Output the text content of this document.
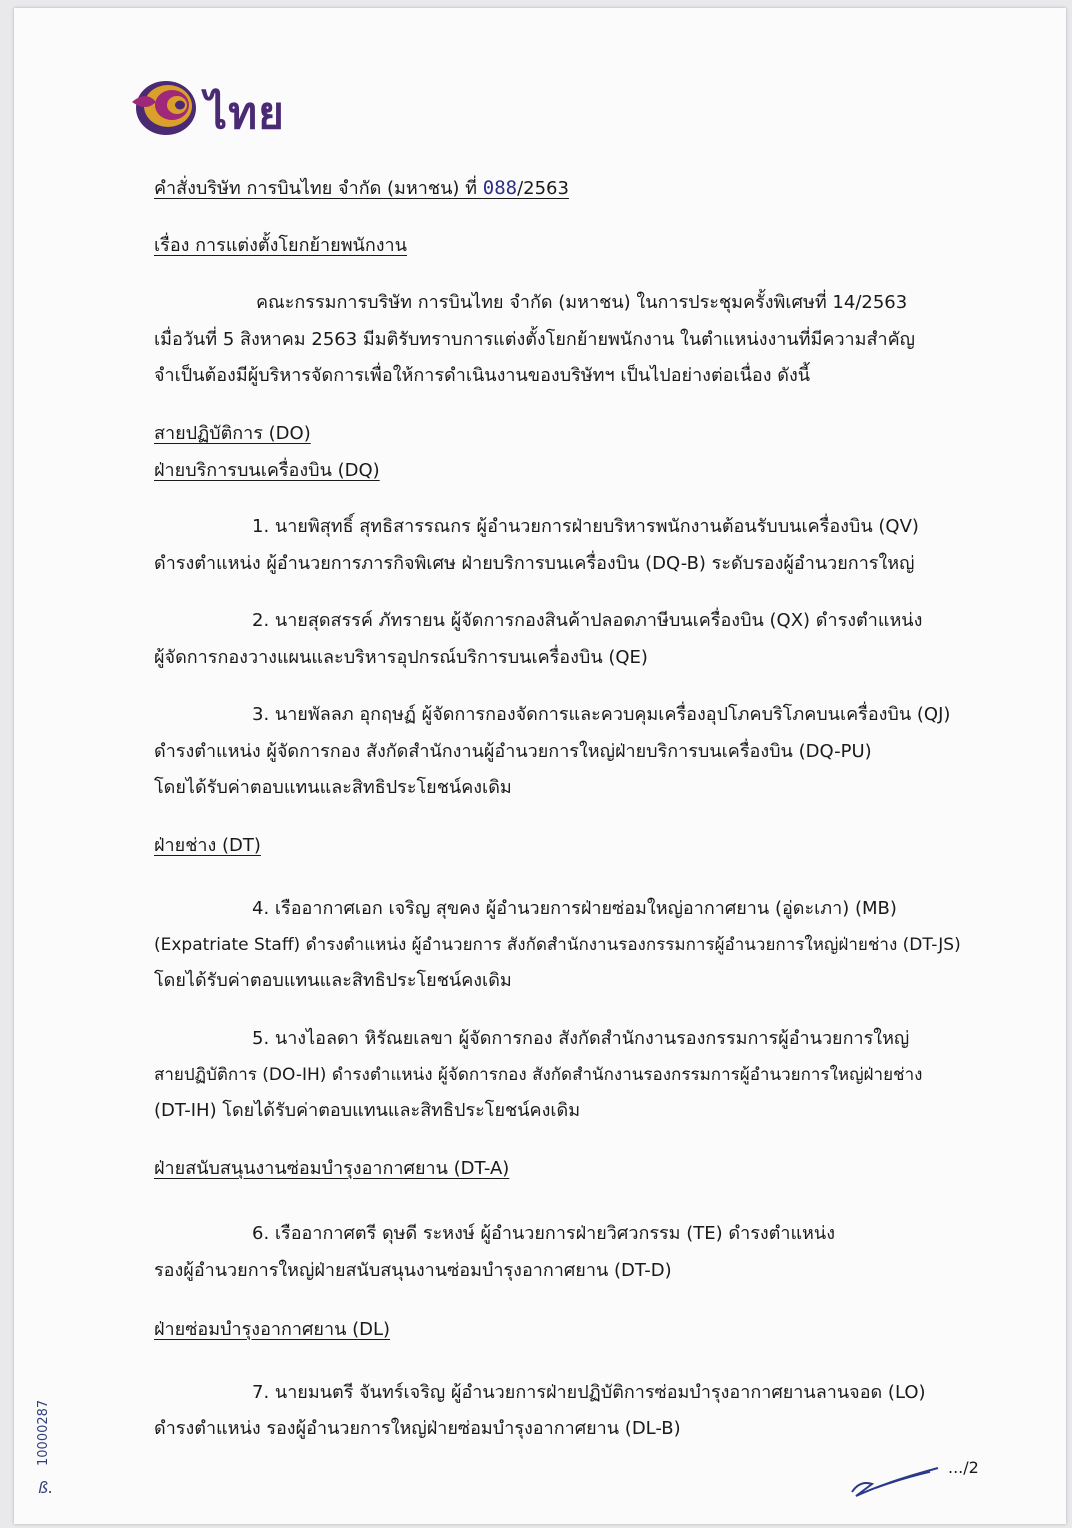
ไทย
คำสั่งบริษัท การบินไทย จำกัด (มหาชน) ที่ 088/2563
เรื่อง การแต่งตั้งโยกย้ายพนักงาน
คณะกรรมการบริษัท การบินไทย จำกัด (มหาชน) ในการประชุมครั้งพิเศษที่ 14/2563
เมื่อวันที่ 5 สิงหาคม 2563 มีมติรับทราบการแต่งตั้งโยกย้ายพนักงาน ในตำแหน่งงานที่มีความสำคัญ
จำเป็นต้องมีผู้บริหารจัดการเพื่อให้การดำเนินงานของบริษัทฯ เป็นไปอย่างต่อเนื่อง ดังนี้
สายปฏิบัติการ (DO)
ฝ่ายบริการบนเครื่องบิน (DQ)
1. นายพิสุทธิ์ สุทธิสารรณกร ผู้อำนวยการฝ่ายบริหารพนักงานต้อนรับบนเครื่องบิน (QV)
ดำรงตำแหน่ง ผู้อำนวยการภารกิจพิเศษ ฝ่ายบริการบนเครื่องบิน (DQ-B) ระดับรองผู้อำนวยการใหญ่
2. นายสุดสรรค์ ภัทรายน ผู้จัดการกองสินค้าปลอดภาษีบนเครื่องบิน (QX) ดำรงตำแหน่ง
ผู้จัดการกองวางแผนและบริหารอุปกรณ์บริการบนเครื่องบิน (QE)
3. นายพัลลภ อุกฤษฏ์ ผู้จัดการกองจัดการและควบคุมเครื่องอุปโภคบริโภคบนเครื่องบิน (QJ)
ดำรงตำแหน่ง ผู้จัดการกอง สังกัดสำนักงานผู้อำนวยการใหญ่ฝ่ายบริการบนเครื่องบิน (DQ-PU)
โดยได้รับค่าตอบแทนและสิทธิประโยชน์คงเดิม
ฝ่ายช่าง (DT)
4. เรืออากาศเอก เจริญ สุขคง ผู้อำนวยการฝ่ายซ่อมใหญ่อากาศยาน (อู่ดะเภา) (MB)
(Expatriate Staff) ดำรงตำแหน่ง ผู้อำนวยการ สังกัดสำนักงานรองกรรมการผู้อำนวยการใหญ่ฝ่ายช่าง (DT-JS)
โดยได้รับค่าตอบแทนและสิทธิประโยชน์คงเดิม
5. นางไอลดา หิรัณยเลขา ผู้จัดการกอง สังกัดสำนักงานรองกรรมการผู้อำนวยการใหญ่
สายปฏิบัติการ (DO-IH) ดำรงตำแหน่ง ผู้จัดการกอง สังกัดสำนักงานรองกรรมการผู้อำนวยการใหญ่ฝ่ายช่าง
(DT-IH) โดยได้รับค่าตอบแทนและสิทธิประโยชน์คงเดิม
ฝ่ายสนับสนุนงานซ่อมบำรุงอากาศยาน (DT-A)
6. เรืออากาศตรี ดุษดี ระหงษ์ ผู้อำนวยการฝ่ายวิศวกรรม (TE) ดำรงตำแหน่ง
รองผู้อำนวยการใหญ่ฝ่ายสนับสนุนงานซ่อมบำรุงอากาศยาน (DT-D)
ฝ่ายซ่อมบำรุงอากาศยาน (DL)
7. นายมนตรี จันทร์เจริญ ผู้อำนวยการฝ่ายปฏิบัติการซ่อมบำรุงอากาศยานลานจอด (LO)
ดำรงตำแหน่ง รองผู้อำนวยการใหญ่ฝ่ายซ่อมบำรุงอากาศยาน (DL-B)
.../2
10000287
ß.
